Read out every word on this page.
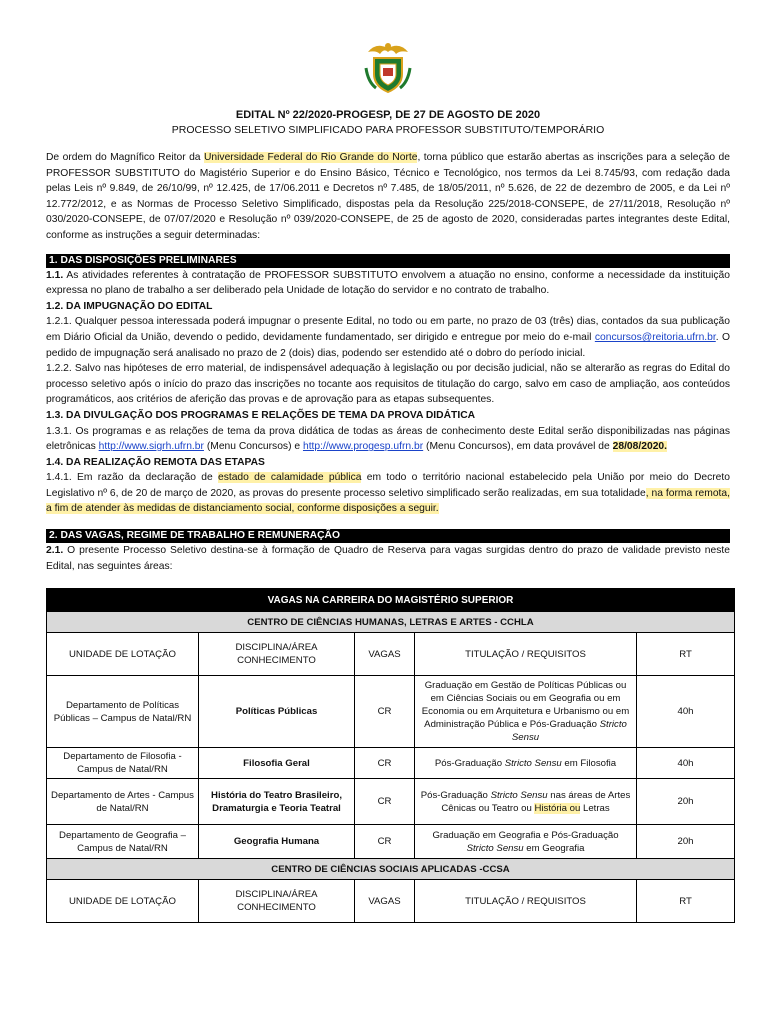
EDITAL Nº 22/2020-PROGESP, DE 27 DE AGOSTO DE 2020
PROCESSO SELETIVO SIMPLIFICADO PARA PROFESSOR SUBSTITUTO/TEMPORÁRIO

De ordem do Magnífico Reitor da Universidade Federal do Rio Grande do Norte, torna público que estarão abertas as inscrições para a seleção de PROFESSOR SUBSTITUTO do Magistério Superior e do Ensino Básico, Técnico e Tecnológico, nos termos da Lei 8.745/93, com redação dada pelas Leis nº 9.849, de 26/10/99, nº 12.425, de 17/06.2011 e Decretos nº 7.485, de 18/05/2011, nº 5.626, de 22 de dezembro de 2005, e da Lei nº 12.772/2012, e as Normas de Processo Seletivo Simplificado, dispostas pela da Resolução 225/2018-CONSEPE, de 27/11/2018, Resolução nº 030/2020-CONSEPE, de 07/07/2020 e Resolução nº 039/2020-CONSEPE, de 25 de agosto de 2020, consideradas partes integrantes deste Edital, conforme as instruções a seguir determinadas:

1. DAS DISPOSIÇÕES PRELIMINARES

1.1. As atividades referentes à contratação de PROFESSOR SUBSTITUTO envolvem a atuação no ensino, conforme a necessidade da instituição expressa no plano de trabalho a ser deliberado pela Unidade de lotação do servidor e no contrato de trabalho.

1.2. DA IMPUGNAÇÃO DO EDITAL

1.2.1. Qualquer pessoa interessada poderá impugnar o presente Edital, no todo ou em parte, no prazo de 03 (três) dias, contados da sua publicação em Diário Oficial da União, devendo o pedido, devidamente fundamentado, ser dirigido e entregue por meio do e-mail concursos@reitoria.ufrn.br. O pedido de impugnação será analisado no prazo de 2 (dois) dias, podendo ser estendido até o dobro do período inicial.

1.2.2. Salvo nas hipóteses de erro material, de indispensável adequação à legislação ou por decisão judicial, não se alterarão as regras do Edital do processo seletivo após o início do prazo das inscrições no tocante aos requisitos de titulação do cargo, salvo em caso de ampliação, aos conteúdos programáticos, aos critérios de aferição das provas e de aprovação para as etapas subsequentes.

1.3. DA DIVULGAÇÃO DOS PROGRAMAS E RELAÇÕES DE TEMA DA PROVA DIDÁTICA

1.3.1. Os programas e as relações de tema da prova didática de todas as áreas de conhecimento deste Edital serão disponibilizadas nas páginas eletrônicas http://www.sigrh.ufrn.br (Menu Concursos) e http://www.progesp.ufrn.br (Menu Concursos), em data provável de 28/08/2020.

1.4. DA REALIZAÇÃO REMOTA DAS ETAPAS

1.4.1. Em razão da declaração de estado de calamidade pública em todo o território nacional estabelecido pela União por meio do Decreto Legislativo nº 6, de 20 de março de 2020, as provas do presente processo seletivo simplificado serão realizadas, em sua totalidade, na forma remota, a fim de atender às medidas de distanciamento social, conforme disposições a seguir.

2. DAS VAGAS, REGIME DE TRABALHO E REMUNERAÇÃO

2.1. O presente Processo Seletivo destina-se à formação de Quadro de Reserva para vagas surgidas dentro do prazo de validade previsto neste Edital, nas seguintes áreas:

VAGAS NA CARREIRA DO MAGISTÉRIO SUPERIOR				
CENTRO DE CIÊNCIAS HUMANAS, LETRAS E ARTES - CCHLA				
UNIDADE DE LOTAÇÃO	DISCIPLINA/ÁREA CONHECIMENTO	VAGAS	TITULAÇÃO / REQUISITOS	RT
Departamento de Políticas Públicas – Campus de Natal/RN	Políticas Públicas	CR	Graduação em Gestão de Políticas Públicas ou em Ciências Sociais ou em Geografia ou em Economia ou em Arquitetura e Urbanismo ou em Administração Pública e Pós-Graduação Stricto Sensu	40h
Departamento de Filosofia - Campus de Natal/RN	Filosofia Geral	CR	Pós-Graduação Stricto Sensu em Filosofia	40h
Departamento de Artes - Campus de Natal/RN	História do Teatro Brasileiro, Dramaturgia e Teoria Teatral	CR	Pós-Graduação Stricto Sensu nas áreas de Artes Cênicas ou Teatro ou História ou Letras	20h
Departamento de Geografia – Campus de Natal/RN	Geografia Humana	CR	Graduação em Geografia e Pós-Graduação Stricto Sensu em Geografia	20h
CENTRO DE CIÊNCIAS SOCIAIS APLICADAS -CCSA				
UNIDADE DE LOTAÇÃO	DISCIPLINA/ÁREA CONHECIMENTO	VAGAS	TITULAÇÃO / REQUISITOS	RT
